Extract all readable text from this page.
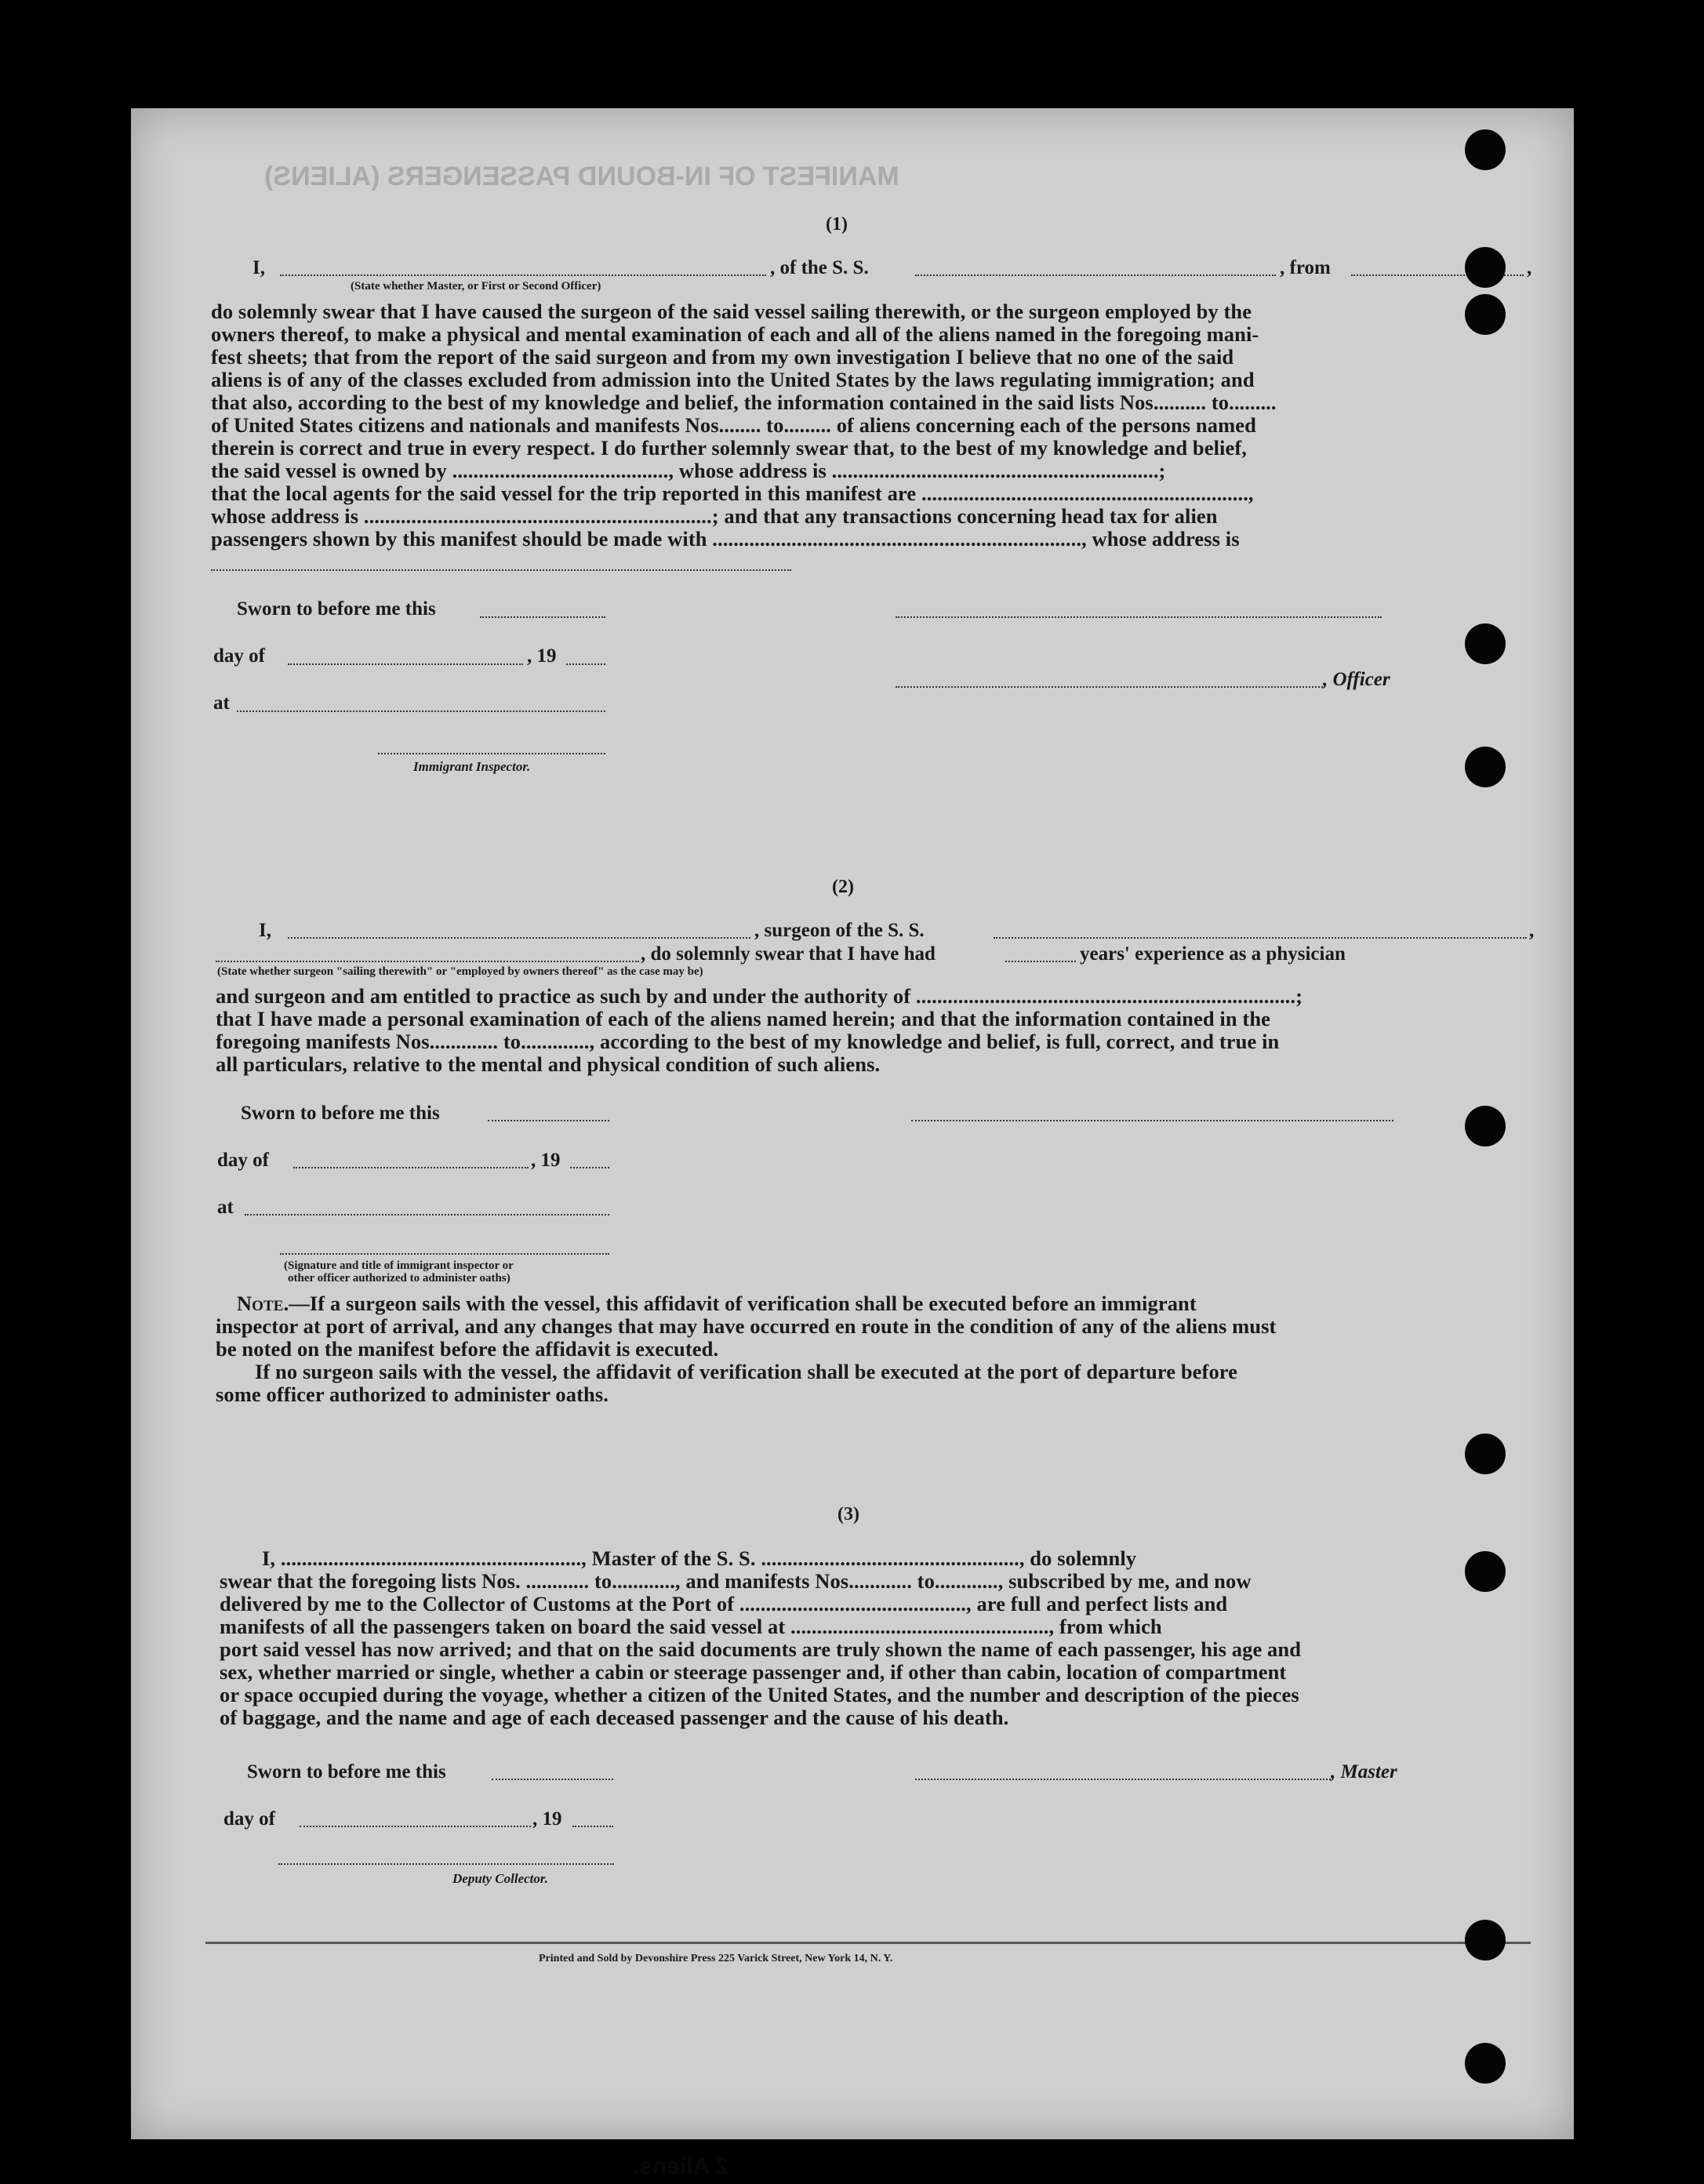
MANIFEST OF IN-BOUND PASSENGERS (ALIENS)
2 Aliens.
(1)
I,	, of the S. S.	, from	,
(State whether Master, or First or Second Officer)
do solemnly swear that I have caused the surgeon of the said vessel sailing therewith, or the surgeon employed by the
owners thereof, to make a physical and mental examination of each and all of the aliens named in the foregoing mani-
fest sheets; that from the report of the said surgeon and from my own investigation I believe that no one of the said
aliens is of any of the classes excluded from admission into the United States by the laws regulating immigration; and
that also, according to the best of my knowledge and belief, the information contained in the said lists Nos.......... to.........
of United States citizens and nationals and manifests Nos........ to......... of aliens concerning each of the persons named
therein is correct and true in every respect. I do further solemnly swear that, to the best of my knowledge and belief,
the said vessel is owned by ........................................., whose address is ..............................................................;
that the local agents for the said vessel for the trip reported in this manifest are ..............................................................,
whose address is ..................................................................; and that any transactions concerning head tax for alien
passengers shown by this manifest should be made with ......................................................................, whose address is
Sworn to before me this
day of	, 19
, Officer
at
Immigrant Inspector.
(2)
I,	, surgeon of the S. S.	,
, do solemnly swear that I have had	years' experience as a physician
(State whether surgeon "sailing therewith" or "employed by owners thereof" as the case may be)
and surgeon and am entitled to practice as such by and under the authority of ........................................................................;
that I have made a personal examination of each of the aliens named herein; and that the information contained in the
foregoing manifests Nos............. to............., according to the best of my knowledge and belief, is full, correct, and true in
all particulars, relative to the mental and physical condition of such aliens.
Sworn to before me this
day of	, 19
at
(Signature and title of immigrant inspector or
other officer authorized to administer oaths)
Note.—If a surgeon sails with the vessel, this affidavit of verification shall be executed before an immigrant
inspector at port of arrival, and any changes that may have occurred en route in the condition of any of the aliens must
be noted on the manifest before the affidavit is executed.
If no surgeon sails with the vessel, the affidavit of verification shall be executed at the port of departure before
some officer authorized to administer oaths.
(3)
I, ........................................................., Master of the S. S. ................................................., do solemnly
swear that the foregoing lists Nos. ............ to............, and manifests Nos............ to............, subscribed by me, and now
delivered by me to the Collector of Customs at the Port of ..........................................., are full and perfect lists and
manifests of all the passengers taken on board the said vessel at ................................................., from which
port said vessel has now arrived; and that on the said documents are truly shown the name of each passenger, his age and
sex, whether married or single, whether a cabin or steerage passenger and, if other than cabin, location of compartment
or space occupied during the voyage, whether a citizen of the United States, and the number and description of the pieces
of baggage, and the name and age of each deceased passenger and the cause of his death.
Sworn to before me this	, Master
day of	, 19
Deputy Collector.
Printed and Sold by Devonshire Press 225 Varick Street, New York 14, N. Y.
